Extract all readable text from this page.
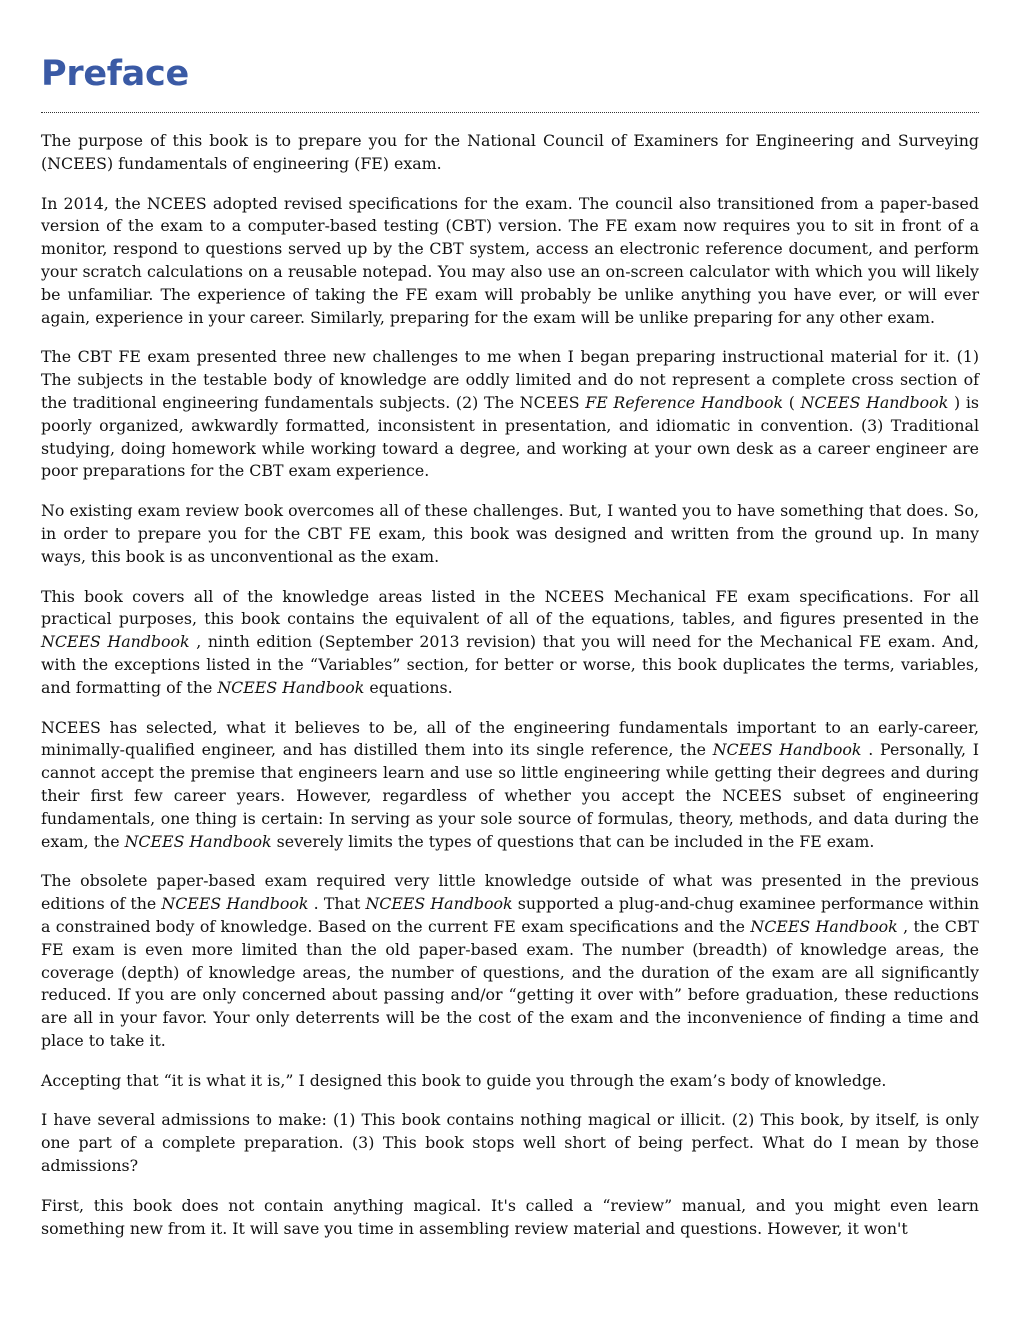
Preface

The purpose of this book is to prepare you for the National Council of Examiners for Engineering and Surveying (NCEES) fundamentals of engineering (FE) exam.

In 2014, the NCEES adopted revised specifications for the exam. The council also transitioned from a paper-based version of the exam to a computer-based testing (CBT) version. The FE exam now requires you to sit in front of a monitor, respond to questions served up by the CBT system, access an electronic reference document, and perform your scratch calculations on a reusable notepad. You may also use an on-screen calculator with which you will likely be unfamiliar. The experience of taking the FE exam will probably be unlike anything you have ever, or will ever again, experience in your career. Similarly, preparing for the exam will be unlike preparing for any other exam.

The CBT FE exam presented three new challenges to me when I began preparing instructional material for it. (1) The subjects in the testable body of knowledge are oddly limited and do not represent a complete cross section of the traditional engineering fundamentals subjects. (2) The NCEES FE Reference Handbook ( NCEES Handbook ) is poorly organized, awkwardly formatted, inconsistent in presentation, and idiomatic in convention. (3) Traditional studying, doing homework while working toward a degree, and working at your own desk as a career engineer are poor preparations for the CBT exam experience.

No existing exam review book overcomes all of these challenges. But, I wanted you to have something that does. So, in order to prepare you for the CBT FE exam, this book was designed and written from the ground up. In many ways, this book is as unconventional as the exam.

This book covers all of the knowledge areas listed in the NCEES Mechanical FE exam specifications. For all practical purposes, this book contains the equivalent of all of the equations, tables, and figures presented in the NCEES Handbook , ninth edition (September 2013 revision) that you will need for the Mechanical FE exam. And, with the exceptions listed in the “Variables” section, for better or worse, this book duplicates the terms, variables, and formatting of the NCEES Handbook equations.

NCEES has selected, what it believes to be, all of the engineering fundamentals important to an early-career, minimally-qualified engineer, and has distilled them into its single reference, the NCEES Handbook . Personally, I cannot accept the premise that engineers learn and use so little engineering while getting their degrees and during their first few career years. However, regardless of whether you accept the NCEES subset of engineering fundamentals, one thing is certain: In serving as your sole source of formulas, theory, methods, and data during the exam, the NCEES Handbook severely limits the types of questions that can be included in the FE exam.

The obsolete paper-based exam required very little knowledge outside of what was presented in the previous editions of the NCEES Handbook . That NCEES Handbook supported a plug-and-chug examinee performance within a constrained body of knowledge. Based on the current FE exam specifications and the NCEES Handbook , the CBT FE exam is even more limited than the old paper-based exam. The number (breadth) of knowledge areas, the coverage (depth) of knowledge areas, the number of questions, and the duration of the exam are all significantly reduced. If you are only concerned about passing and/or “getting it over with” before graduation, these reductions are all in your favor. Your only deterrents will be the cost of the exam and the inconvenience of finding a time and place to take it.

Accepting that “it is what it is,” I designed this book to guide you through the exam’s body of knowledge.

I have several admissions to make: (1) This book contains nothing magical or illicit. (2) This book, by itself, is only one part of a complete preparation. (3) This book stops well short of being perfect. What do I mean by those admissions?

First, this book does not contain anything magical. It's called a “review” manual, and you might even learn something new from it. It will save you time in assembling review material and questions. However, it won't
